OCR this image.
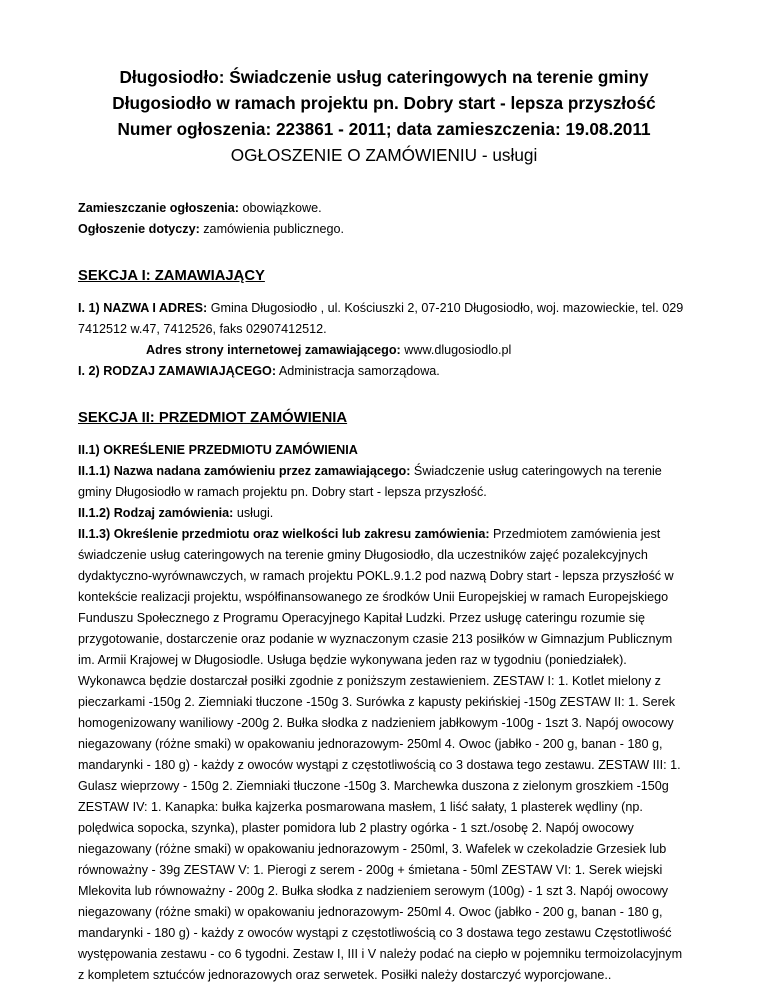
Długosiodło: Świadczenie usług cateringowych na terenie gminy
Długosiodło w ramach projektu pn. Dobry start - lepsza przyszłość
Numer ogłoszenia: 223861 - 2011; data zamieszczenia: 19.08.2011
OGŁOSZENIE O ZAMÓWIENIU - usługi

Zamieszczanie ogłoszenia: obowiązkowe.

Ogłoszenie dotyczy: zamówienia publicznego.

SEKCJA I: ZAMAWIAJĄCY

I. 1) NAZWA I ADRES: Gmina Długosiodło , ul. Kościuszki 2, 07-210 Długosiodło, woj. mazowieckie, tel. 029 7412512 w.47, 7412526, faks 02907412512.

Adres strony internetowej zamawiającego: www.dlugosiodlo.pl

I. 2) RODZAJ ZAMAWIAJĄCEGO: Administracja samorządowa.

SEKCJA II: PRZEDMIOT ZAMÓWIENIA

II.1) OKREŚLENIE PRZEDMIOTU ZAMÓWIENIA

II.1.1) Nazwa nadana zamówieniu przez zamawiającego: Świadczenie usług cateringowych na terenie gminy Długosiodło w ramach projektu pn. Dobry start - lepsza przyszłość.

II.1.2) Rodzaj zamówienia: usługi.

II.1.3) Określenie przedmiotu oraz wielkości lub zakresu zamówienia: Przedmiotem zamówienia jest świadczenie usług cateringowych na terenie gminy Długosiodło, dla uczestników zajęć pozalekcyjnych dydaktyczno-wyrównawczych, w ramach projektu POKL.9.1.2 pod nazwą Dobry start - lepsza przyszłość w kontekście realizacji projektu, współfinansowanego ze środków Unii Europejskiej w ramach Europejskiego Funduszu Społecznego z Programu Operacyjnego Kapitał Ludzki. Przez usługę cateringu rozumie się przygotowanie, dostarczenie oraz podanie w wyznaczonym czasie 213 posiłków w Gimnazjum Publicznym im. Armii Krajowej w Długosiodle. Usługa będzie wykonywana jeden raz w tygodniu (poniedziałek). Wykonawca będzie dostarczał posiłki zgodnie z poniższym zestawieniem. ZESTAW I: 1. Kotlet mielony z pieczarkami -150g 2. Ziemniaki tłuczone -150g 3. Surówka z kapusty pekińskiej -150g ZESTAW II: 1. Serek homogenizowany waniliowy -200g 2. Bułka słodka z nadzieniem jabłkowym -100g - 1szt 3. Napój owocowy niegazowany (różne smaki) w opakowaniu jednorazowym- 250ml 4. Owoc (jabłko - 200 g, banan - 180 g, mandarynki - 180 g) - każdy z owoców wystąpi z częstotliwością co 3 dostawa tego zestawu. ZESTAW III: 1. Gulasz wieprzowy - 150g 2. Ziemniaki tłuczone -150g 3. Marchewka duszona z zielonym groszkiem -150g ZESTAW IV: 1. Kanapka: bułka kajzerka posmarowana masłem, 1 liść sałaty, 1 plasterek wędliny (np. polędwica sopocka, szynka), plaster pomidora lub 2 plastry ogórka - 1 szt./osobę 2. Napój owocowy niegazowany (różne smaki) w opakowaniu jednorazowym - 250ml, 3. Wafelek w czekoladzie Grzesiek lub równoważny - 39g ZESTAW V: 1. Pierogi z serem - 200g + śmietana - 50ml ZESTAW VI: 1. Serek wiejski Mlekovita lub równoważny - 200g 2. Bułka słodka z nadzieniem serowym (100g) - 1 szt 3. Napój owocowy niegazowany (różne smaki) w opakowaniu jednorazowym- 250ml 4. Owoc (jabłko - 200 g, banan - 180 g, mandarynki - 180 g) - każdy z owoców wystąpi z częstotliwością co 3 dostawa tego zestawu Częstotliwość występowania zestawu - co 6 tygodni. Zestaw I, III i V należy podać na ciepło w pojemniku termoizolacyjnym z kompletem sztućców jednorazowych oraz serwetek. Posiłki należy dostarczyć wyporcjowane..
